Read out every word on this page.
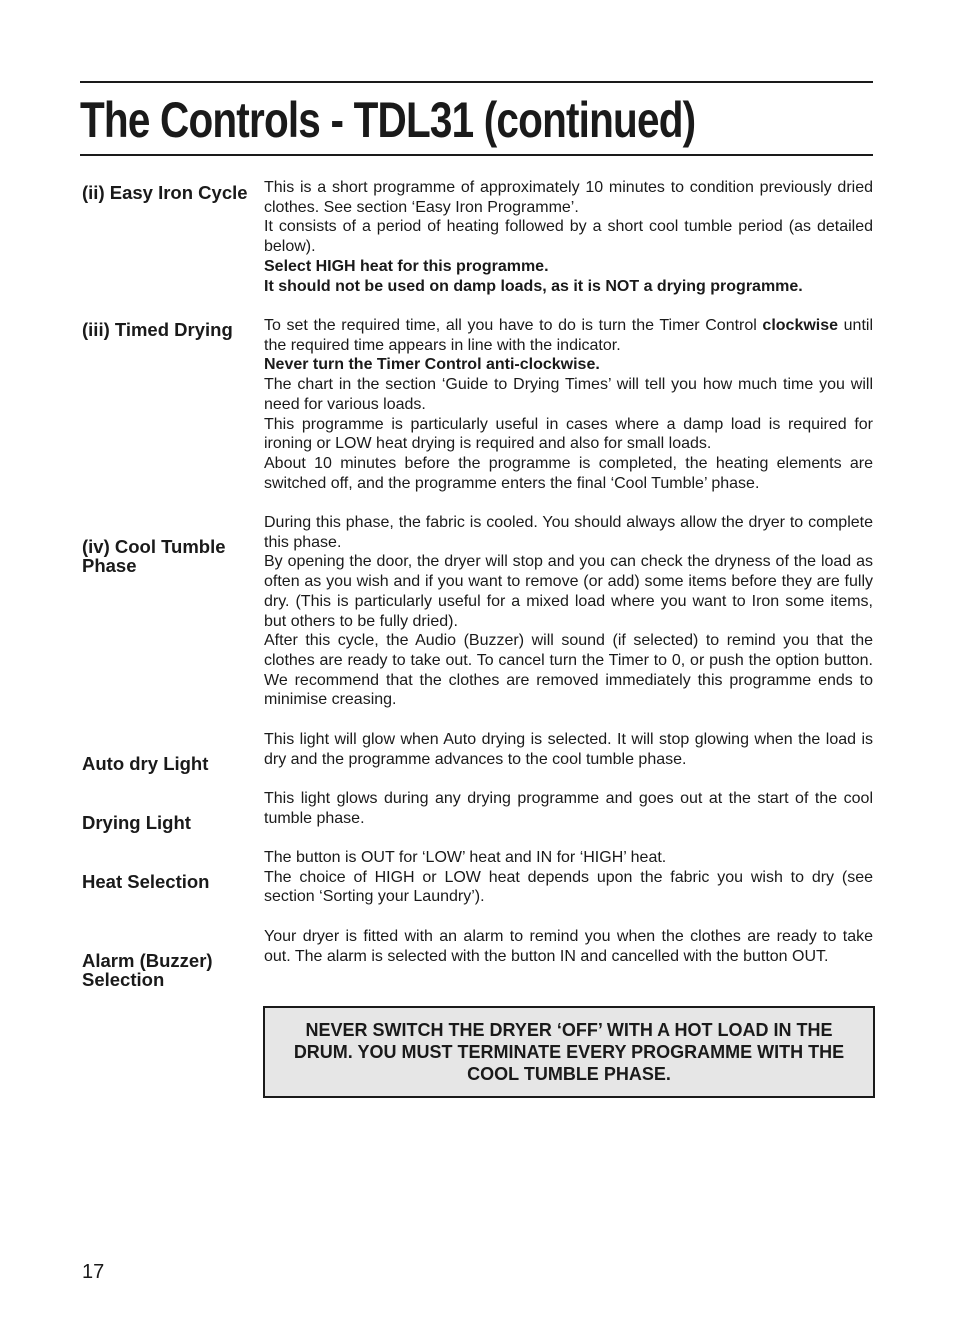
The Controls - TDL31 (continued)
(ii) Easy Iron Cycle This is a short programme of approximately 10 minutes to condition previously dried clothes. See section ‘Easy Iron Programme’.

It consists of a period of heating followed by a short cool tumble period (as detailed below).

Select HIGH heat for this programme.

It should not be used on damp loads, as it is NOT a drying programme.

(iii) Timed Drying	To set the required time, all you have to do is turn the Timer Control clockwise until the required time appears in line with the indicator.

Never turn the Timer Control anti-clockwise.

The chart in the section ‘Guide to Drying Times’ will tell you how much time you will need for various loads.

This programme is particularly useful in cases where a damp load is required for ironing or LOW heat drying is required and also for small loads.

About 10 minutes before the programme is completed, the heating elements are switched off, and the programme enters the final ‘Cool Tumble’ phase.

(iv) Cool Tumble Phase

During this phase, the fabric is cooled. You should always allow the dryer to complete this phase.

By opening the door, the dryer will stop and you can check the dryness of the load as often as you wish and if you want to remove (or add) some items before they are fully dry. (This is particularly useful for a mixed load where you want to Iron some items, but others to be fully dried).

After this cycle, the Audio (Buzzer) will sound (if selected) to remind you that the clothes are ready to take out. To cancel turn the Timer to 0, or push the option button. We recommend that the clothes are removed immediately this programme ends to minimise creasing.

Auto dry Light

This light will glow when Auto drying is selected. It will stop glowing when the load is dry and the programme advances to the cool tumble phase.

Drying Light

This light glows during any drying programme and goes out at the start of the cool tumble phase.

Heat Selection

The button is OUT for ‘LOW’ heat and IN for ‘HIGH’ heat.

The choice of HIGH or LOW heat depends upon the fabric you wish to dry (see section ‘Sorting your Laundry’).

Alarm (Buzzer) Selection

Your dryer is fitted with an alarm to remind you when the clothes are ready to take out. The alarm is selected with the button IN and cancelled with the button OUT.

NEVER SWITCH THE DRYER ‘OFF’ WITH A HOT LOAD IN THE
DRUM. YOU MUST TERMINATE EVERY PROGRAMME WITH THE
COOL TUMBLE PHASE.
17
